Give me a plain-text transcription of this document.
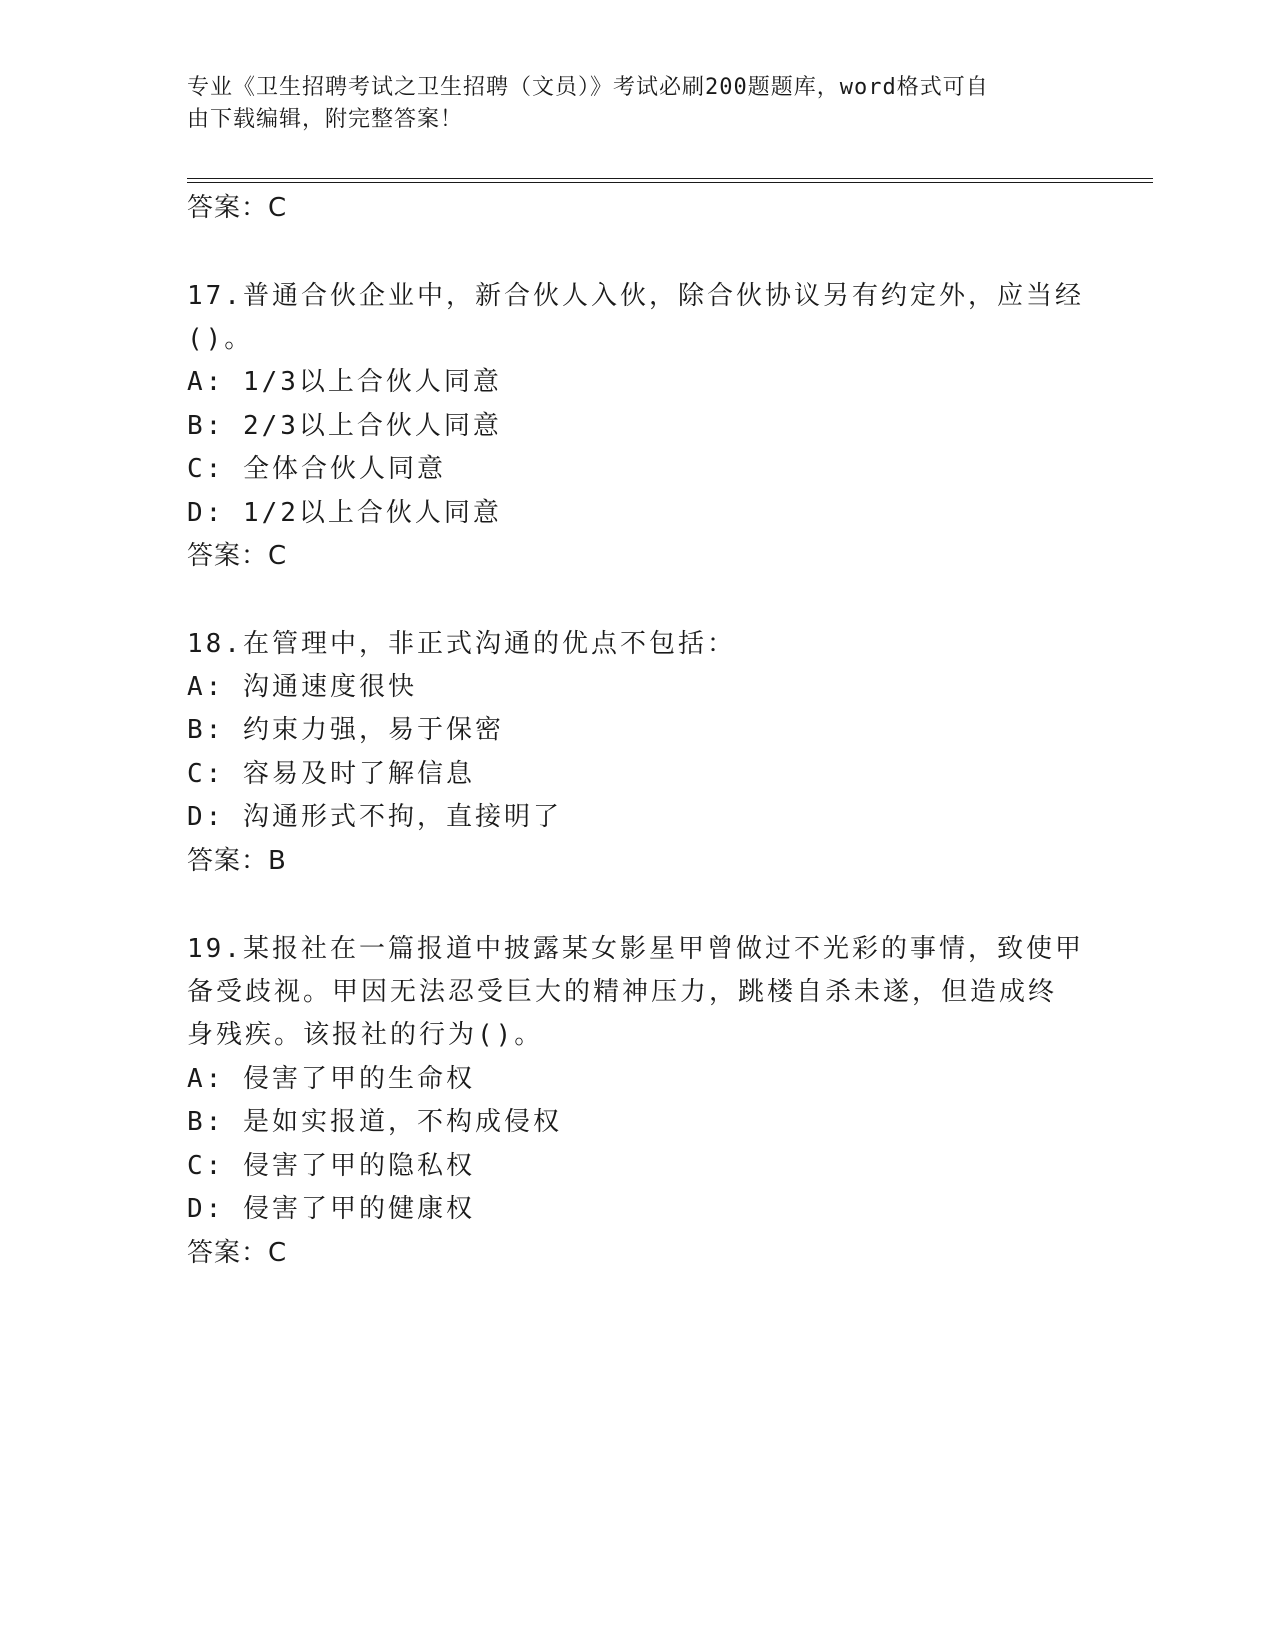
专业《卫生招聘考试之卫生招聘（文员）》考试必刷200题题库，word格式可自
由下载编辑，附完整答案！
答案：C
17.普通合伙企业中，新合伙人入伙，除合伙协议另有约定外，应当经
()。
A: 1/3以上合伙人同意
B: 2/3以上合伙人同意
C: 全体合伙人同意
D: 1/2以上合伙人同意
答案：C
18.在管理中，非正式沟通的优点不包括：
A: 沟通速度很快
B: 约束力强，易于保密
C: 容易及时了解信息
D: 沟通形式不拘，直接明了
答案：B
19.某报社在一篇报道中披露某女影星甲曾做过不光彩的事情，致使甲
备受歧视。甲因无法忍受巨大的精神压力，跳楼自杀未遂，但造成终
身残疾。该报社的行为()。
A: 侵害了甲的生命权
B: 是如实报道，不构成侵权
C: 侵害了甲的隐私权
D: 侵害了甲的健康权
答案：C
